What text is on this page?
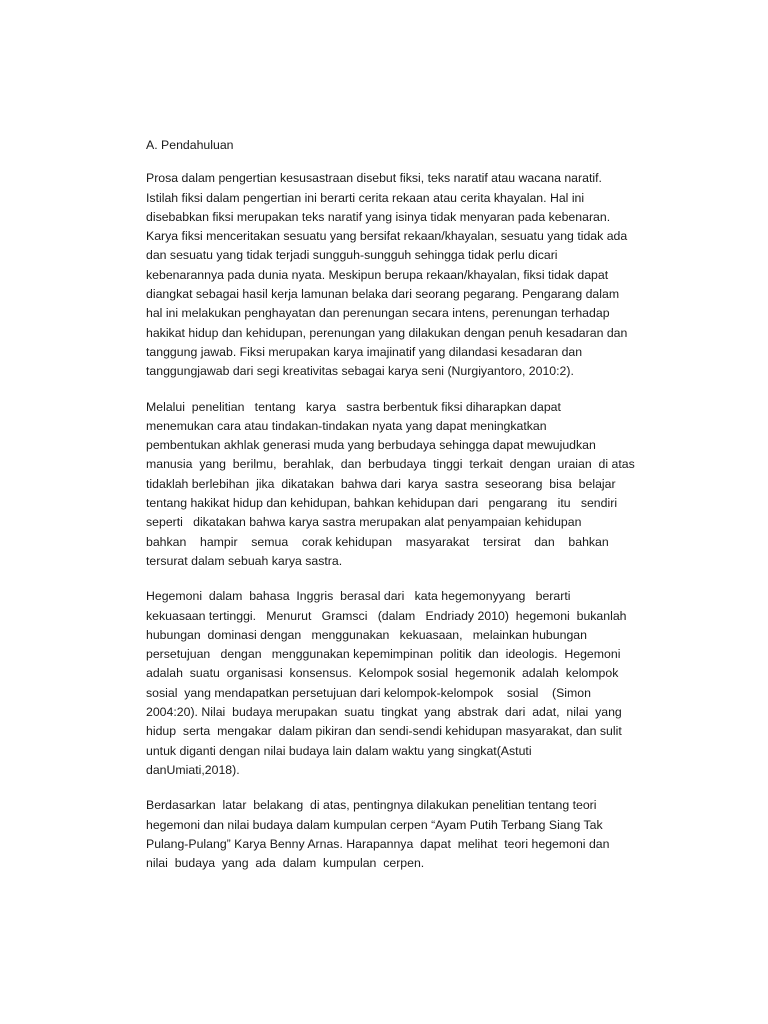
A. Pendahuluan
Prosa dalam pengertian kesusastraan disebut fiksi, teks naratif atau wacana naratif.
Istilah fiksi dalam pengertian ini berarti cerita rekaan atau cerita khayalan. Hal ini
disebabkan fiksi merupakan teks naratif yang isinya tidak menyaran pada kebenaran.
Karya fiksi menceritakan sesuatu yang bersifat rekaan/khayalan, sesuatu yang tidak ada
dan sesuatu yang tidak terjadi sungguh-sungguh sehingga tidak perlu dicari
kebenarannya pada dunia nyata. Meskipun berupa rekaan/khayalan, fiksi tidak dapat
diangkat sebagai hasil kerja lamunan belaka dari seorang pegarang. Pengarang dalam
hal ini melakukan penghayatan dan perenungan secara intens, perenungan terhadap
hakikat hidup dan kehidupan, perenungan yang dilakukan dengan penuh kesadaran dan
tanggung jawab. Fiksi merupakan karya imajinatif yang dilandasi kesadaran dan
tanggungjawab dari segi kreativitas sebagai karya seni (Nurgiyantoro, 2010:2).
Melalui  penelitian   tentang   karya   sastra berbentuk fiksi diharapkan dapat
menemukan cara atau tindakan-tindakan nyata yang dapat meningkatkan
pembentukan akhlak generasi muda yang berbudaya sehingga dapat mewujudkan
manusia  yang  berilmu,  berahlak,  dan  berbudaya  tinggi  terkait  dengan  uraian  di atas
tidaklah berlebihan  jika  dikatakan  bahwa dari  karya  sastra  seseorang  bisa  belajar
tentang hakikat hidup dan kehidupan, bahkan kehidupan dari   pengarang   itu   sendiri
seperti   dikatakan bahwa karya sastra merupakan alat penyampaian kehidupan
bahkan    hampir    semua    corak kehidupan    masyarakat    tersirat    dan    bahkan
tersurat dalam sebuah karya sastra.
Hegemoni  dalam  bahasa  Inggris  berasal dari   kata hegemonyyang   berarti
kekuasaan tertinggi.   Menurut   Gramsci   (dalam   Endriady 2010)  hegemoni  bukanlah
hubungan  dominasi dengan   menggunakan   kekuasaan,   melainkan hubungan
persetujuan   dengan   menggunakan kepemimpinan  politik  dan  ideologis.  Hegemoni
adalah  suatu  organisasi  konsensus.  Kelompok sosial  hegemonik  adalah  kelompok
sosial  yang mendapatkan persetujuan dari kelompok-kelompok    sosial    (Simon
2004:20). Nilai  budaya merupakan  suatu  tingkat  yang  abstrak  dari  adat,  nilai  yang
hidup  serta  mengakar  dalam pikiran dan sendi-sendi kehidupan masyarakat, dan sulit
untuk diganti dengan nilai budaya lain dalam waktu yang singkat(Astuti
danUmiati,2018).
Berdasarkan  latar  belakang  di atas, pentingnya dilakukan penelitian tentang teori
hegemoni dan nilai budaya dalam kumpulan cerpen “Ayam Putih Terbang Siang Tak
Pulang-Pulang” Karya Benny Arnas. Harapannya  dapat  melihat  teori hegemoni dan
nilai  budaya  yang  ada  dalam  kumpulan  cerpen.
